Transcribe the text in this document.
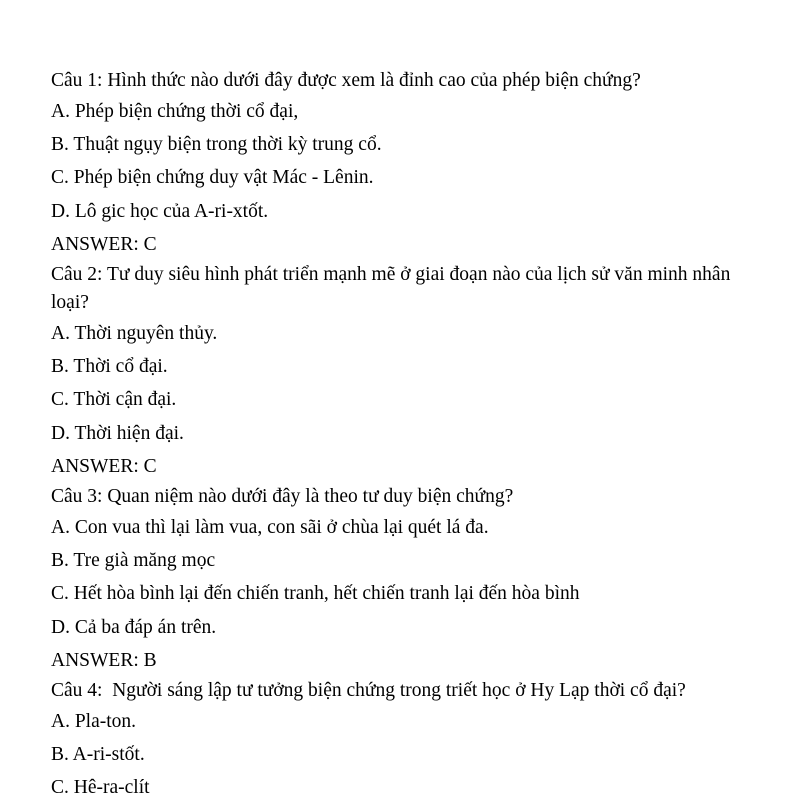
Câu 1: Hình thức nào dưới đây được xem là đỉnh cao của phép biện chứng?

A. Phép biện chứng thời cổ đại,

B. Thuật ngụy biện trong thời kỳ trung cổ.

C. Phép biện chứng duy vật Mác - Lênin.

D. Lô gic học của A-ri-xtốt.

ANSWER: C

Câu 2: Tư duy siêu hình phát triển mạnh mẽ ở giai đoạn nào của lịch sử văn minh nhân loại?

A. Thời nguyên thủy.

B. Thời cổ đại.

C. Thời cận đại.

D. Thời hiện đại.

ANSWER: C

Câu 3: Quan niệm nào dưới đây là theo tư duy biện chứng?

A. Con vua thì lại làm vua, con sãi ở chùa lại quét lá đa.

B. Tre già măng mọc

C. Hết hòa bình lại đến chiến tranh, hết chiến tranh lại đến hòa bình

D. Cả ba đáp án trên.

ANSWER: B

Câu 4:  Người sáng lập tư tưởng biện chứng trong triết học ở Hy Lạp thời cổ đại?

A. Pla-ton.

B. A-ri-stốt.

C. Hê-ra-clít
